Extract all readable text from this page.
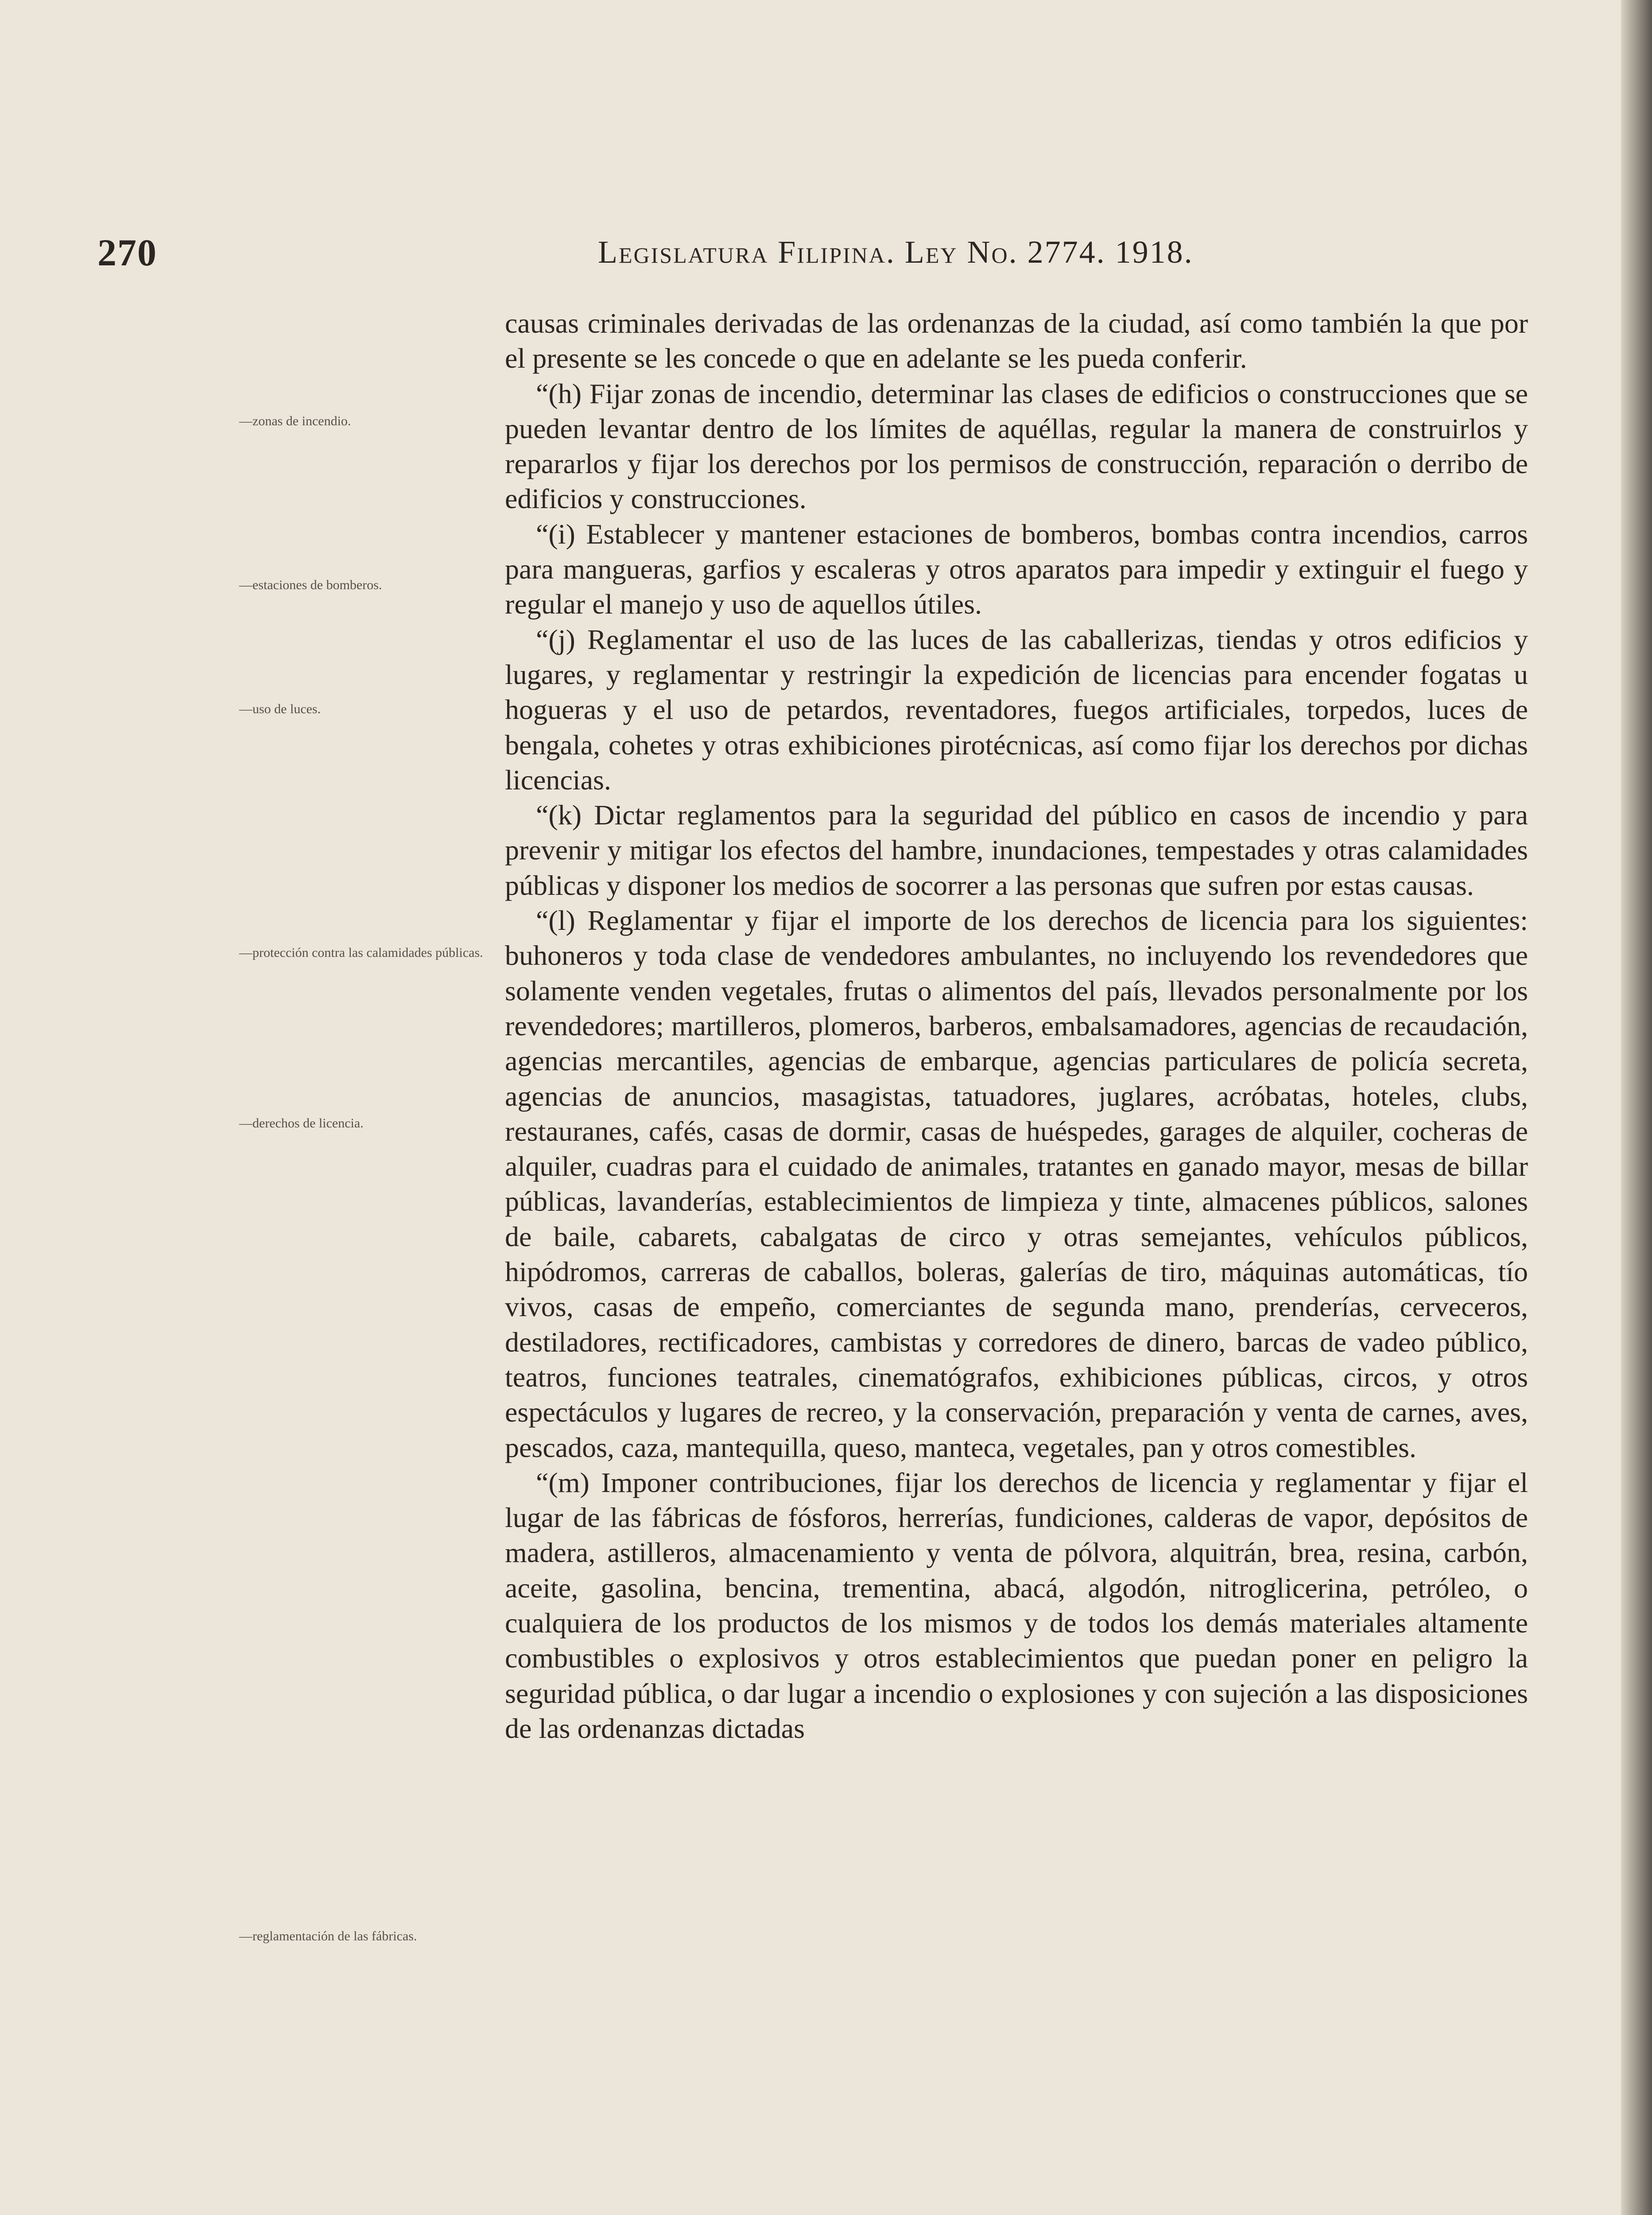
270	Legislatura Filipina. Ley No. 2774. 1918.
—zonas de incendio.
—estaciones de bomberos.
—uso de luces.
—protección contra las calamidades públicas.
—derechos de licencia.
—reglamentación de las fábricas.

causas criminales derivadas de las ordenanzas de la ciudad, así como también la que por el presente se les concede o que en adelante se les pueda conferir.

“(h) Fijar zonas de incendio, determinar las clases de edificios o construcciones que se pueden levantar dentro de los límites de aquéllas, regular la manera de construirlos y repararlos y fijar los derechos por los permisos de construcción, reparación o derribo de edificios y construcciones.

“(i) Establecer y mantener estaciones de bomberos, bombas contra incendios, carros para mangueras, garfios y escaleras y otros aparatos para impedir y extinguir el fuego y regular el manejo y uso de aquellos útiles.

“(j) Reglamentar el uso de las luces de las caballerizas, tiendas y otros edificios y lugares, y reglamentar y restringir la expedición de licencias para encender fogatas u hogueras y el uso de petardos, reventadores, fuegos artificiales, torpedos, luces de bengala, cohetes y otras exhibiciones pirotécnicas, así como fijar los derechos por dichas licencias.

“(k) Dictar reglamentos para la seguridad del público en casos de incendio y para prevenir y mitigar los efectos del hambre, inundaciones, tempestades y otras calamidades públicas y disponer los medios de socorrer a las personas que sufren por estas causas.

“(l) Reglamentar y fijar el importe de los derechos de licencia para los siguientes: buhoneros y toda clase de vendedores ambulantes, no incluyendo los revendedores que solamente venden vegetales, frutas o alimentos del país, llevados personalmente por los revendedores; martilleros, plomeros, barberos, embalsamadores, agencias de recaudación, agencias mercantiles, agencias de embarque, agencias particulares de policía secreta, agencias de anuncios, masagistas, tatuadores, juglares, acróbatas, hoteles, clubs, restauranes, cafés, casas de dormir, casas de huéspedes, garages de alquiler, cocheras de alquiler, cuadras para el cuidado de animales, tratantes en ganado mayor, mesas de billar públicas, lavanderías, establecimientos de limpieza y tinte, almacenes públicos, salones de baile, cabarets, cabalgatas de circo y otras semejantes, vehículos públicos, hipódromos, carreras de caballos, boleras, galerías de tiro, máquinas automáticas, tío vivos, casas de empeño, comerciantes de segunda mano, prenderías, cerveceros, destiladores, rectificadores, cambistas y corredores de dinero, barcas de vadeo público, teatros, funciones teatrales, cinematógrafos, exhibiciones públicas, circos, y otros espectáculos y lugares de recreo, y la conservación, preparación y venta de carnes, aves, pescados, caza, mantequilla, queso, manteca, vegetales, pan y otros comestibles.

“(m) Imponer contribuciones, fijar los derechos de licencia y reglamentar y fijar el lugar de las fábricas de fósforos, herrerías, fundiciones, calderas de vapor, depósitos de madera, astilleros, almacenamiento y venta de pólvora, alquitrán, brea, resina, carbón, aceite, gasolina, bencina, trementina, abacá, algodón, nitroglicerina, petróleo, o cualquiera de los productos de los mismos y de todos los demás materiales altamente combustibles o explosivos y otros establecimientos que puedan poner en peligro la seguridad pública, o dar lugar a incendio o explosiones y con sujeción a las disposiciones de las ordenanzas dictadas
